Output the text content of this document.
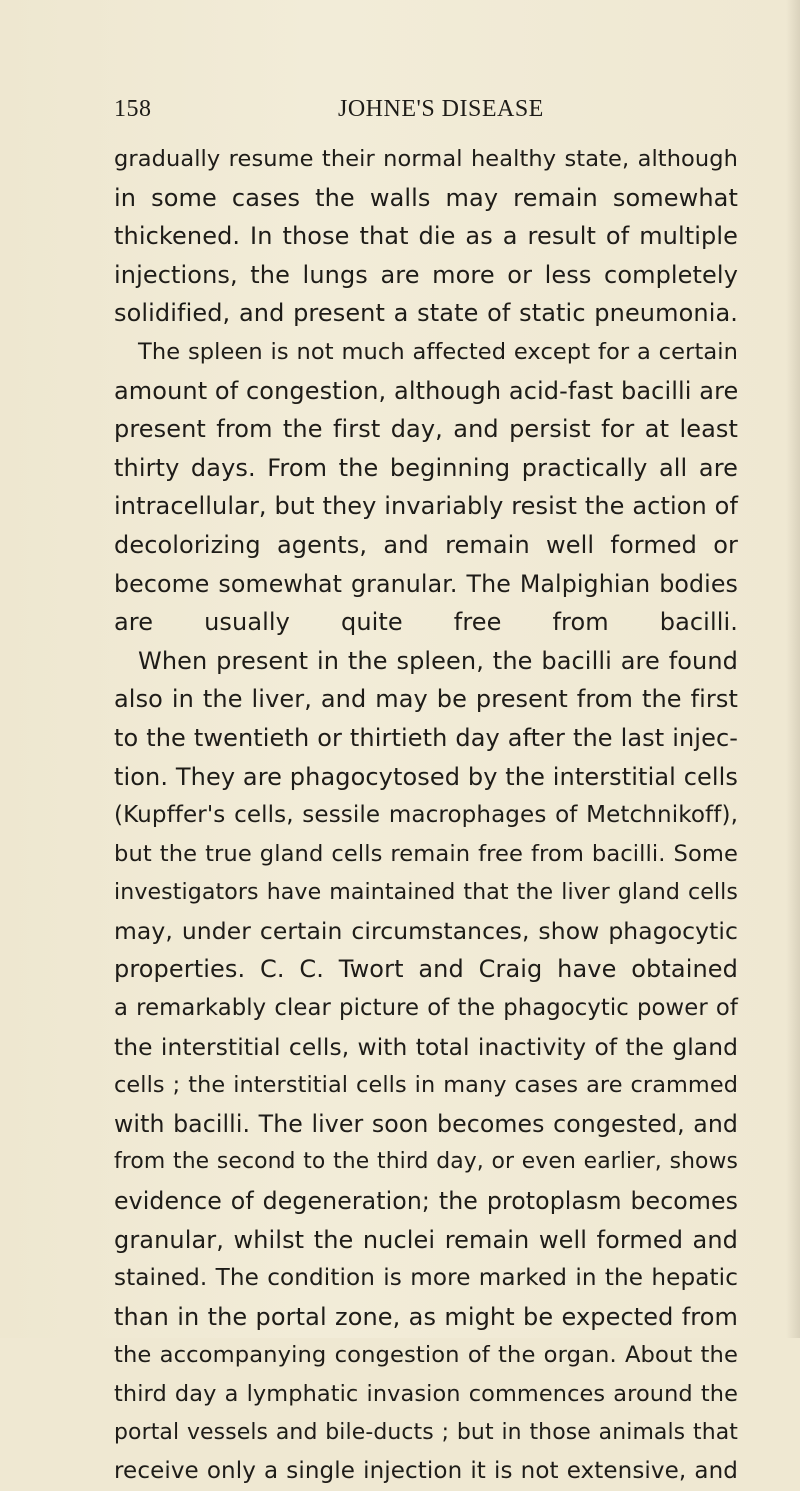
158	JOHNE'S DISEASE
gradually resume their normal healthy state, although
in some cases the walls may remain somewhat
thickened. In those that die as a result of multiple
injections, the lungs are more or less completely
solidified, and present a state of static pneumonia.
The spleen is not much affected except for a certain
amount of congestion, although acid-fast bacilli are
present from the first day, and persist for at least
thirty days. From the beginning practically all are
intracellular, but they invariably resist the action of
decolorizing agents, and remain well formed or
become somewhat granular. The Malpighian bodies
are usually quite free from bacilli.
When present in the spleen, the bacilli are found
also in the liver, and may be present from the first
to the twentieth or thirtieth day after the last injec-
tion. They are phagocytosed by the interstitial cells
(Kupffer's cells, sessile macrophages of Metchnikoff),
but the true gland cells remain free from bacilli. Some
investigators have maintained that the liver gland cells
may, under certain circumstances, show phagocytic
properties. C. C. Twort and Craig have obtained
a remarkably clear picture of the phagocytic power of
the interstitial cells, with total inactivity of the gland
cells ; the interstitial cells in many cases are crammed
with bacilli. The liver soon becomes congested, and
from the second to the third day, or even earlier, shows
evidence of degeneration; the protoplasm becomes
granular, whilst the nuclei remain well formed and
stained. The condition is more marked in the hepatic
than in the portal zone, as might be expected from
the accompanying congestion of the organ. About the
third day a lymphatic invasion commences around the
portal vessels and bile-ducts ; but in those animals that
receive only a single injection it is not extensive, and
